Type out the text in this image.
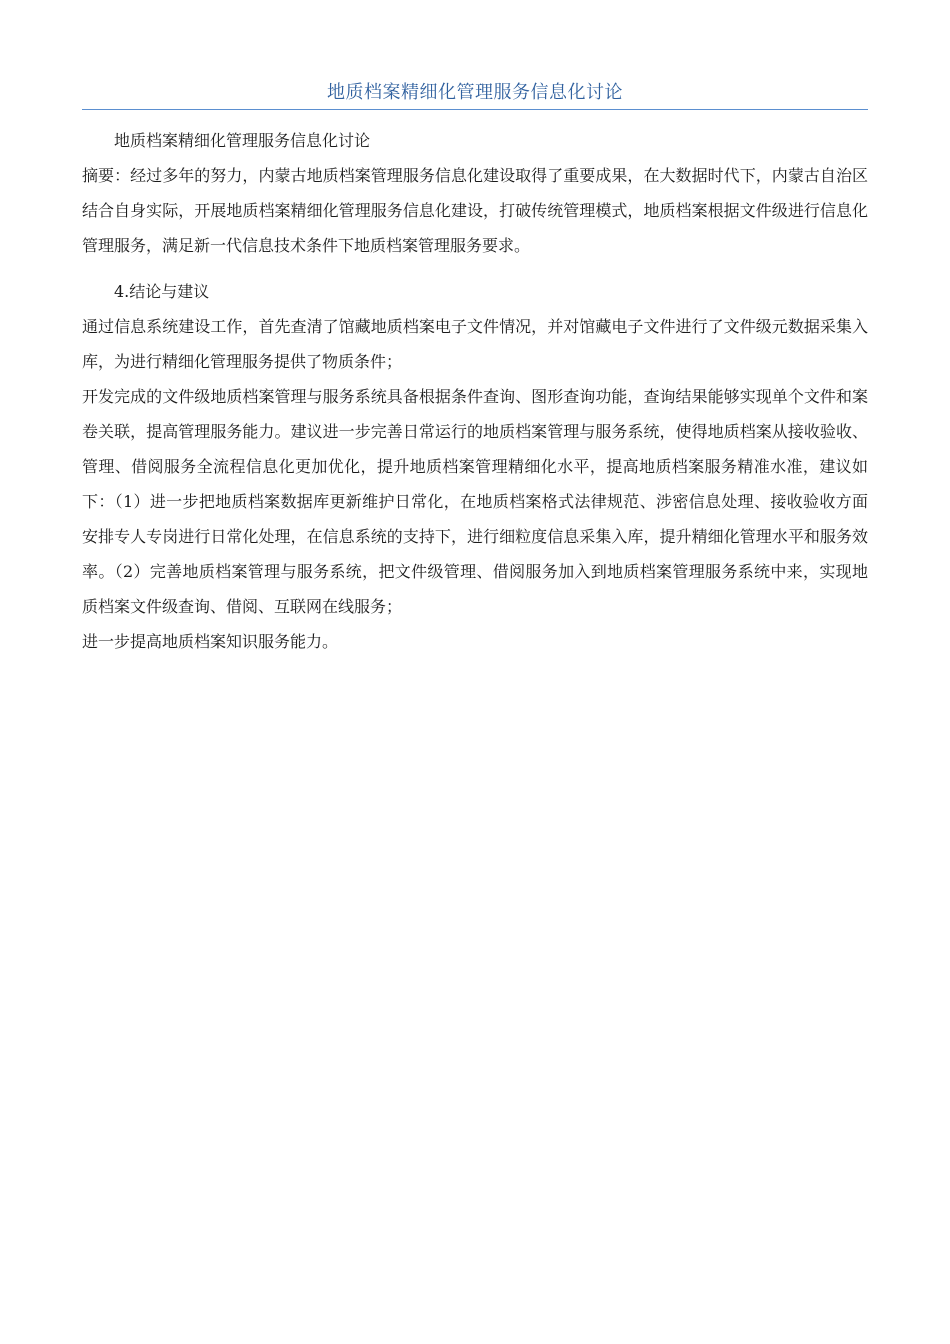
地质档案精细化管理服务信息化讨论

地质档案精细化管理服务信息化讨论

摘要：经过多年的努力，内蒙古地质档案管理服务信息化建设取得了重要成果，在大数据时代下，内蒙古自治区结合自身实际，开展地质档案精细化管理服务信息化建设，打破传统管理模式，地质档案根据文件级进行信息化管理服务，满足新一代信息技术条件下地质档案管理服务要求。

4.结论与建议

通过信息系统建设工作，首先查清了馆藏地质档案电子文件情况，并对馆藏电子文件进行了文件级元数据采集入库，为进行精细化管理服务提供了物质条件；

开发完成的文件级地质档案管理与服务系统具备根据条件查询、图形查询功能，查询结果能够实现单个文件和案卷关联，提高管理服务能力。建议进一步完善日常运行的地质档案管理与服务系统，使得地质档案从接收验收、管理、借阅服务全流程信息化更加优化，提升地质档案管理精细化水平，提高地质档案服务精准水准，建议如下：（1）进一步把地质档案数据库更新维护日常化，在地质档案格式法律规范、涉密信息处理、接收验收方面安排专人专岗进行日常化处理，在信息系统的支持下，进行细粒度信息采集入库，提升精细化管理水平和服务效率。（2）完善地质档案管理与服务系统，把文件级管理、借阅服务加入到地质档案管理服务系统中来，实现地质档案文件级查询、借阅、互联网在线服务；

进一步提高地质档案知识服务能力。
